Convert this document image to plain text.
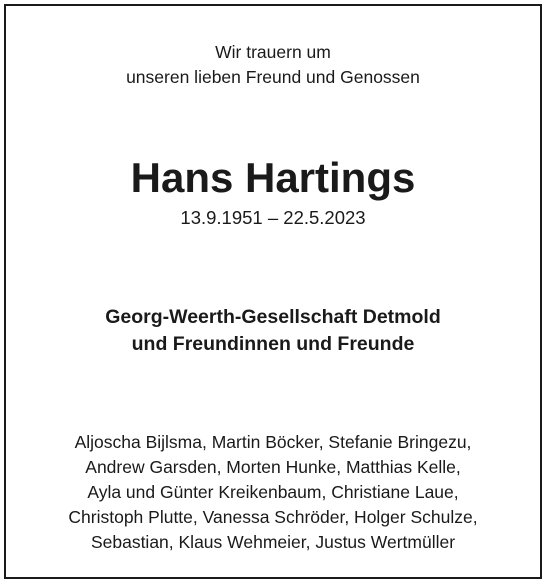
Wir trauern um
unseren lieben Freund und Genossen
Hans Hartings
13.9.1951 – 22.5.2023
Georg-Weerth-Gesellschaft Detmold
und Freundinnen und Freunde
Aljoscha Bijlsma, Martin Böcker, Stefanie Bringezu,
Andrew Garsden, Morten Hunke, Matthias Kelle,
Ayla und Günter Kreikenbaum, Christiane Laue,
Christoph Plutte, Vanessa Schröder, Holger Schulze,
Sebastian, Klaus Wehmeier, Justus Wertmüller
